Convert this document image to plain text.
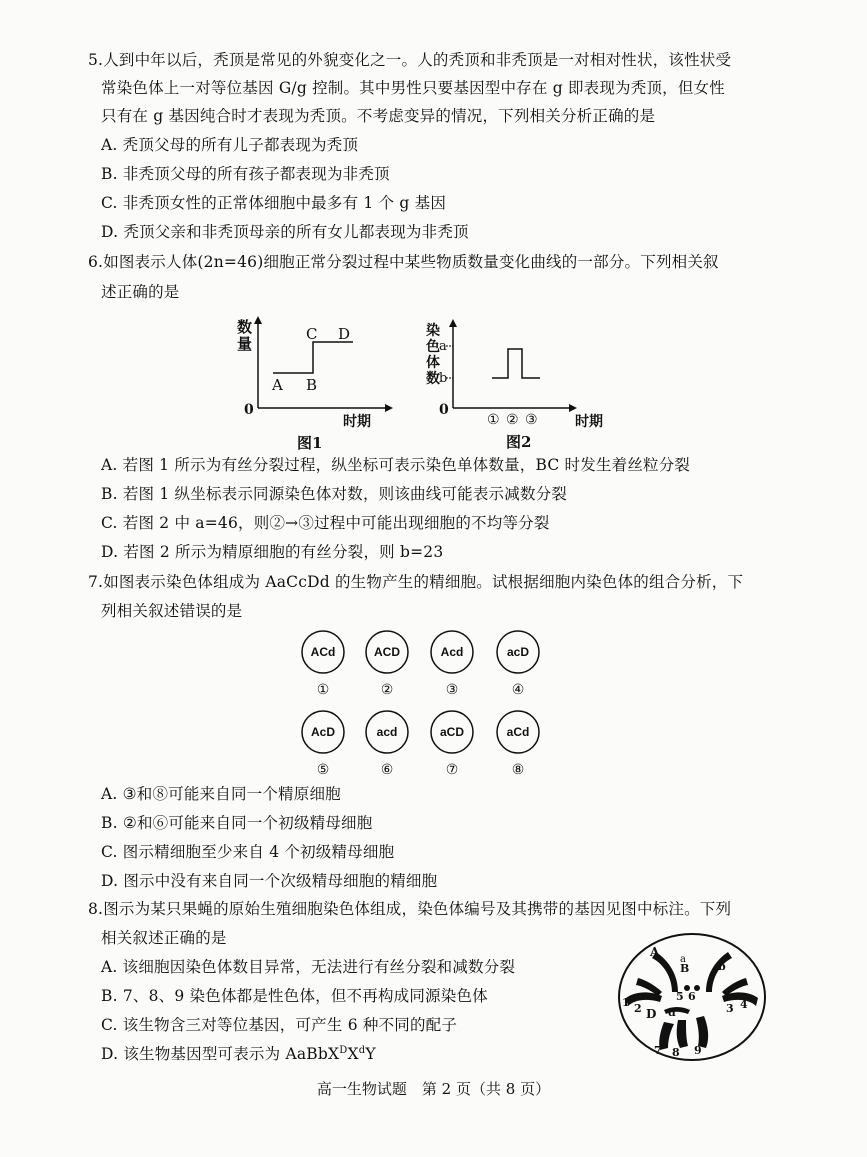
5.人到中年以后，秃顶是常见的外貌变化之一。人的秃顶和非秃顶是一对相对性状，该性状受
常染色体上一对等位基因 G/g 控制。其中男性只要基因型中存在 g 即表现为秃顶，但女性
只有在 g 基因纯合时才表现为秃顶。不考虑变异的情况，下列相关分析正确的是
A. 秃顶父母的所有儿子都表现为秃顶
B. 非秃顶父母的所有孩子都表现为非秃顶
C. 非秃顶女性的正常体细胞中最多有 1 个 g 基因
D. 秃顶父亲和非秃顶母亲的所有女儿都表现为非秃顶
6.如图表示人体(2n=46)细胞正常分裂过程中某些物质数量变化曲线的一部分。下列相关叙
述正确的是
数
量
0
A B
C D
时期
图1
染
色
体
数
a
b
0
① ② ③	时期
图2
A. 若图 1 所示为有丝分裂过程，纵坐标可表示染色单体数量，BC 时发生着丝粒分裂
B. 若图 1 纵坐标表示同源染色体对数，则该曲线可能表示减数分裂
C. 若图 2 中 a=46，则②→③过程中可能出现细胞的不均等分裂
D. 若图 2 所示为精原细胞的有丝分裂，则 b=23
7.如图表示染色体组成为 AaCcDd 的生物产生的精细胞。试根据细胞内染色体的组合分析，下
列相关叙述错误的是
ACd
①
ACD
②
Acd
③
acD
④
AcD
⑤
acd
⑥
aCD
⑦
aCd
⑧
A. ③和⑧可能来自同一个精原细胞
B. ②和⑥可能来自同一个初级精母细胞
C. 图示精细胞至少来自 4 个初级精母细胞
D. 图示中没有来自同一个次级精母细胞的精细胞
8.图示为某只果蝇的原始生殖细胞染色体组成，染色体编号及其携带的基因见图中标注。下列
相关叙述正确的是
A. 该细胞因染色体数目异常，无法进行有丝分裂和减数分裂
B. 7、8、9 染色体都是性色体，但不再构成同源染色体
C. 该生物含三对等位基因，可产生 6 种不同的配子
D. 该生物基因型可表示为 $AaBbX^DX^dY$
A
a
B	b
D d
1 2	3 4
5 6
7 8 9
高一生物试题　第 2 页（共 8 页）
